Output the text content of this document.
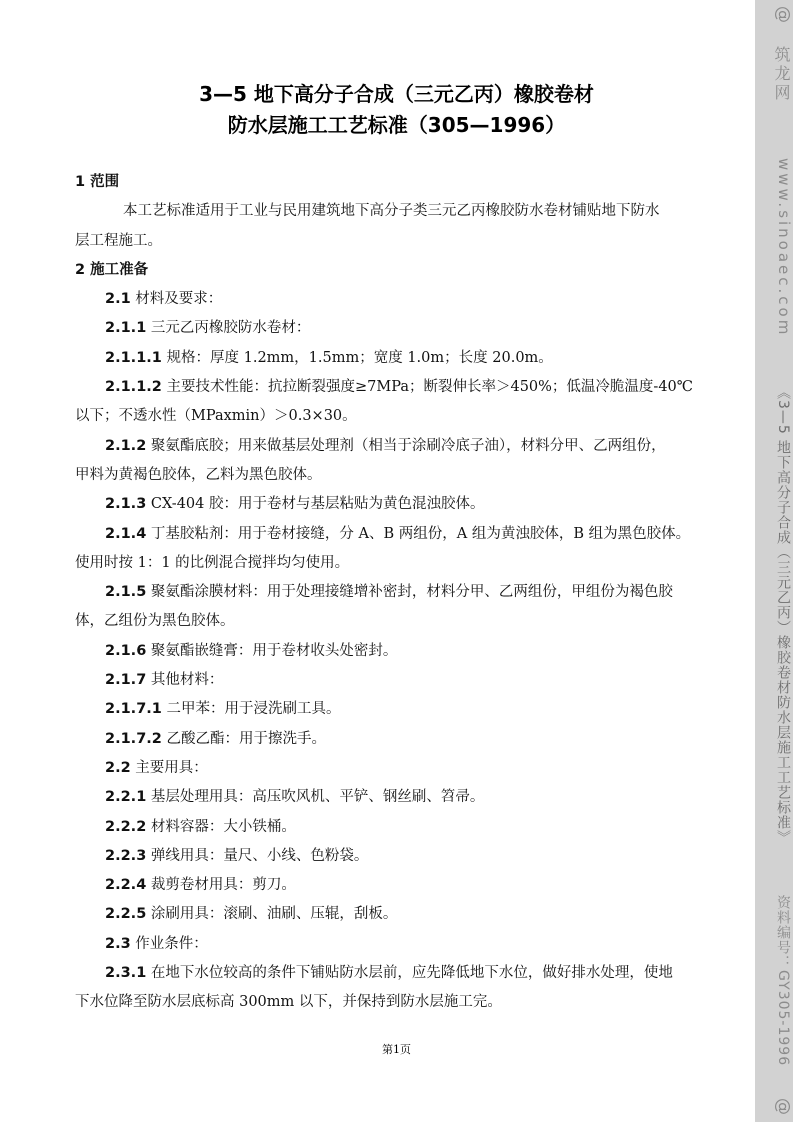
3—5 地下高分子合成（三元乙丙）橡胶卷材
防水层施工工艺标准（305—1996）
1 范围
本工艺标准适用于工业与民用建筑地下高分子类三元乙丙橡胶防水卷材铺贴地下防水
层工程施工。
2 施工准备
2.1 材料及要求：
2.1.1 三元乙丙橡胶防水卷材：
2.1.1.1 规格：厚度 1.2mm，1.5mm；宽度 1.0m；长度 20.0m。
2.1.1.2 主要技术性能：抗拉断裂强度≥7MPa；断裂伸长率＞450%；低温冷脆温度-40℃
以下；不透水性（MPaxmin）＞0.3×30。
2.1.2 聚氨酯底胶；用来做基层处理剂（相当于涂刷冷底子油），材料分甲、乙两组份，
甲料为黄褐色胶体，乙料为黑色胶体。
2.1.3 CX-404 胶：用于卷材与基层粘贴为黄色混浊胶体。
2.1.4 丁基胶粘剂：用于卷材接缝，分 A、B 两组份，A 组为黄浊胶体，B 组为黑色胶体。
使用时按 1：1 的比例混合搅拌均匀使用。
2.1.5 聚氨酯涂膜材料：用于处理接缝增补密封，材料分甲、乙两组份，甲组份为褐色胶
体，乙组份为黑色胶体。
2.1.6 聚氨酯嵌缝膏：用于卷材收头处密封。
2.1.7 其他材料：
2.1.7.1 二甲苯：用于浸洗刷工具。
2.1.7.2 乙酸乙酯：用于擦洗手。
2.2 主要用具：
2.2.1 基层处理用具：高压吹风机、平铲、钢丝刷、笤帚。
2.2.2 材料容器：大小铁桶。
2.2.3 弹线用具：量尺、小线、色粉袋。
2.2.4 裁剪卷材用具：剪刀。
2.2.5 涂刷用具：滚刷、油刷、压辊，刮板。
2.3 作业条件：
2.3.1 在地下水位较高的条件下铺贴防水层前，应先降低地下水位，做好排水处理，使地
下水位降至防水层底标高 300mm 以下，并保持到防水层施工完。
第1页
@
筑龙网
www.sinoaec.com
《3—5 地下高分子合成（三元乙丙）橡胶卷材防水层施工工艺标准》
资料编号：GY305-1996
@
